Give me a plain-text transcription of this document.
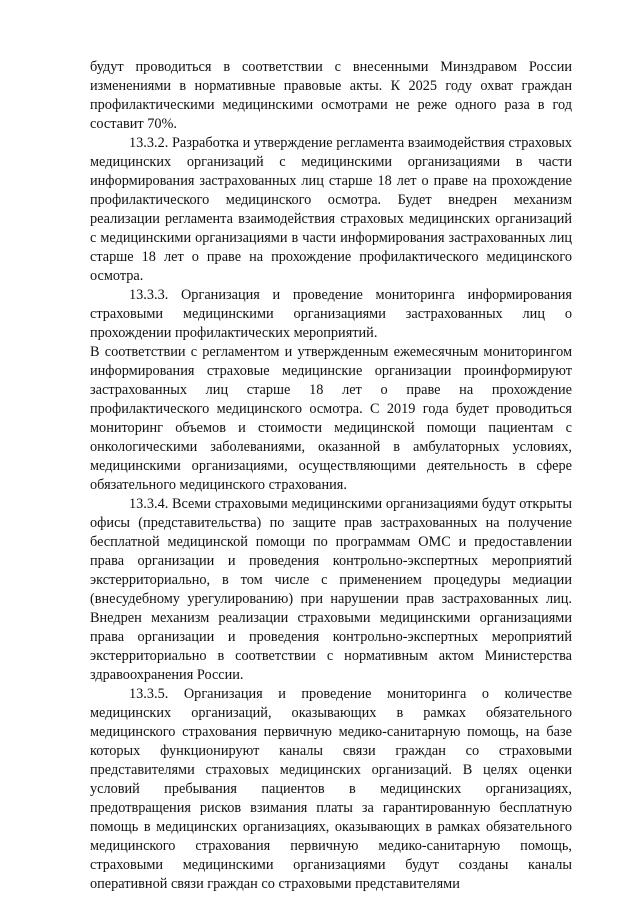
будут проводиться в соответствии с внесенными Минздравом России изменениями в нормативные правовые акты. К 2025 году охват граждан профилактическими медицинскими осмотрами не реже одного раза в год составит 70%.

13.3.2. Разработка и утверждение регламента взаимодействия страховых медицинских организаций с медицинскими организациями в части информирования застрахованных лиц старше 18 лет о праве на прохождение профилактического медицинского осмотра. Будет внедрен механизм реализации регламента взаимодействия страховых медицинских организаций с медицинскими организациями в части информирования застрахованных лиц старше 18 лет о праве на прохождение профилактического медицинского осмотра.

13.3.3. Организация и проведение мониторинга информирования страховыми медицинскими организациями застрахованных лиц о прохождении профилактических мероприятий.

В соответствии с регламентом и утвержденным ежемесячным мониторингом информирования страховые медицинские организации проинформируют застрахованных лиц старше 18 лет о праве на прохождение профилактического медицинского осмотра. С 2019 года будет проводиться мониторинг объемов и стоимости медицинской помощи пациентам с онкологическими заболеваниями, оказанной в амбулаторных условиях, медицинскими организациями, осуществляющими деятельность в сфере обязательного медицинского страхования.

13.3.4. Всеми страховыми медицинскими организациями будут открыты офисы (представительства) по защите прав застрахованных на получение бесплатной медицинской помощи по программам ОМС и предоставлении права организации и проведения контрольно-экспертных мероприятий экстерриториально, в том числе с применением процедуры медиации (внесудебному урегулированию) при нарушении прав застрахованных лиц. Внедрен механизм реализации страховыми медицинскими организациями права организации и проведения контрольно-экспертных мероприятий экстерриториально в соответствии с нормативным актом Министерства здравоохранения России.

13.3.5. Организация и проведение мониторинга о количестве медицинских организаций, оказывающих в рамках обязательного медицинского страхования первичную медико-санитарную помощь, на базе которых функционируют каналы связи граждан со страховыми представителями страховых медицинских организаций. В целях оценки условий пребывания пациентов в медицинских организациях, предотвращения рисков взимания платы за гарантированную бесплатную помощь в медицинских организациях, оказывающих в рамках обязательного медицинского страхования первичную медико-санитарную помощь, страховыми медицинскими организациями будут созданы каналы оперативной связи граждан со страховыми представителями
